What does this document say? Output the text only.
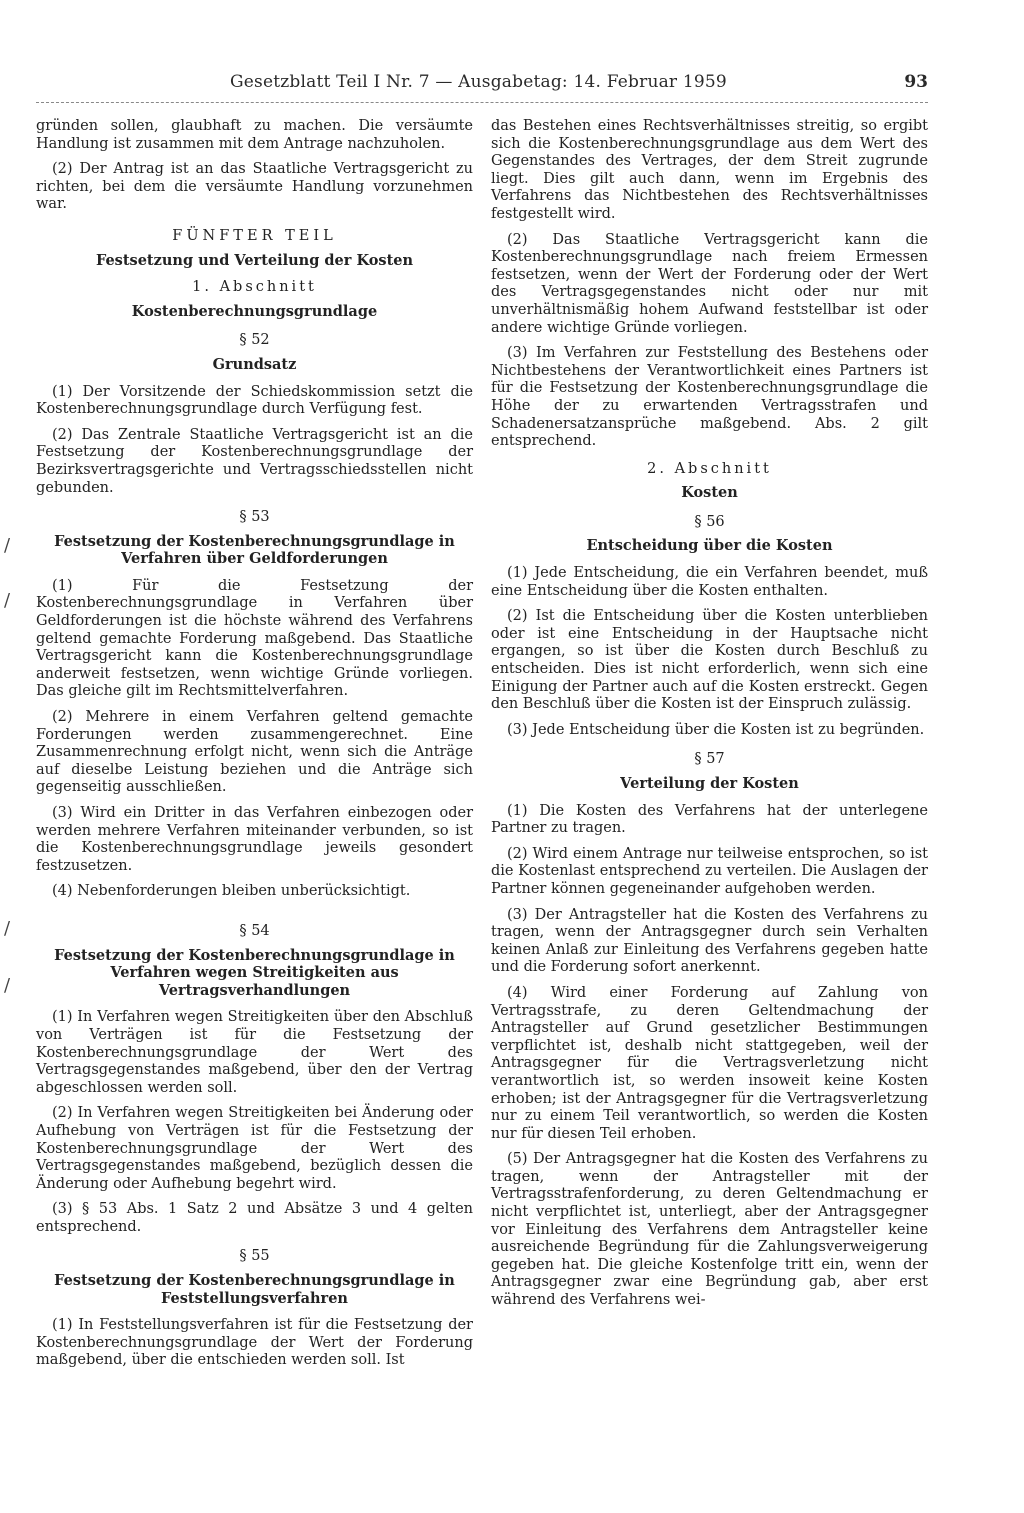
Gesetzblatt Teil I Nr. 7 — Ausgabetag: 14. Februar 1959	93
/
/
/
/

gründen sollen, glaubhaft zu machen. Die versäumte Handlung ist zusammen mit dem Antrage nachzuholen.

(2) Der Antrag ist an das Staatliche Vertragsgericht zu richten, bei dem die versäumte Handlung vorzunehmen war.

FÜNFTER TEIL
Festsetzung und Verteilung der Kosten
1. Abschnitt
Kostenberechnungsgrundlage
§ 52
Grundsatz

(1) Der Vorsitzende der Schiedskommission setzt die Kostenberechnungsgrundlage durch Verfügung fest.

(2) Das Zentrale Staatliche Vertragsgericht ist an die Festsetzung der Kostenberechnungsgrundlage der Bezirksvertragsgerichte und Vertragsschiedsstellen nicht gebunden.

§ 53
Festsetzung der Kostenberechnungsgrundlage in Verfahren über Geldforderungen

(1) Für die Festsetzung der Kostenberechnungsgrundlage in Verfahren über Geldforderungen ist die höchste während des Verfahrens geltend gemachte Forderung maßgebend. Das Staatliche Vertragsgericht kann die Kostenberechnungsgrundlage anderweit festsetzen, wenn wichtige Gründe vorliegen. Das gleiche gilt im Rechtsmittelverfahren.

(2) Mehrere in einem Verfahren geltend gemachte Forderungen werden zusammengerechnet. Eine Zusammenrechnung erfolgt nicht, wenn sich die Anträge auf dieselbe Leistung beziehen und die Anträge sich gegenseitig ausschließen.

(3) Wird ein Dritter in das Verfahren einbezogen oder werden mehrere Verfahren miteinander verbunden, so ist die Kostenberechnungsgrundlage jeweils gesondert festzusetzen.

(4) Nebenforderungen bleiben unberücksichtigt.

§ 54
Festsetzung der Kostenberechnungsgrundlage in Verfahren wegen Streitigkeiten aus Vertragsverhandlungen

(1) In Verfahren wegen Streitigkeiten über den Abschluß von Verträgen ist für die Festsetzung der Kostenberechnungsgrundlage der Wert des Vertragsgegenstandes maßgebend, über den der Vertrag abgeschlossen werden soll.

(2) In Verfahren wegen Streitigkeiten bei Änderung oder Aufhebung von Verträgen ist für die Festsetzung der Kostenberechnungsgrundlage der Wert des Vertragsgegenstandes maßgebend, bezüglich dessen die Änderung oder Aufhebung begehrt wird.

(3) § 53 Abs. 1 Satz 2 und Absätze 3 und 4 gelten entsprechend.

§ 55
Festsetzung der Kostenberechnungsgrundlage in Feststellungsverfahren

(1) In Feststellungsverfahren ist für die Festsetzung der Kostenberechnungsgrundlage der Wert der Forderung maßgebend, über die entschieden werden soll. Ist

das Bestehen eines Rechtsverhältnisses streitig, so ergibt sich die Kostenberechnungsgrundlage aus dem Wert des Gegenstandes des Vertrages, der dem Streit zugrunde liegt. Dies gilt auch dann, wenn im Ergebnis des Verfahrens das Nichtbestehen des Rechtsverhältnisses festgestellt wird.

(2) Das Staatliche Vertragsgericht kann die Kostenberechnungsgrundlage nach freiem Ermessen festsetzen, wenn der Wert der Forderung oder der Wert des Vertragsgegenstandes nicht oder nur mit unverhältnismäßig hohem Aufwand feststellbar ist oder andere wichtige Gründe vorliegen.

(3) Im Verfahren zur Feststellung des Bestehens oder Nichtbestehens der Verantwortlichkeit eines Partners ist für die Festsetzung der Kostenberechnungsgrundlage die Höhe der zu erwartenden Vertragsstrafen und Schadenersatzansprüche maßgebend. Abs. 2 gilt entsprechend.

2. Abschnitt
Kosten
§ 56
Entscheidung über die Kosten

(1) Jede Entscheidung, die ein Verfahren beendet, muß eine Entscheidung über die Kosten enthalten.

(2) Ist die Entscheidung über die Kosten unterblieben oder ist eine Entscheidung in der Hauptsache nicht ergangen, so ist über die Kosten durch Beschluß zu entscheiden. Dies ist nicht erforderlich, wenn sich eine Einigung der Partner auch auf die Kosten erstreckt. Gegen den Beschluß über die Kosten ist der Einspruch zulässig.

(3) Jede Entscheidung über die Kosten ist zu begründen.

§ 57
Verteilung der Kosten

(1) Die Kosten des Verfahrens hat der unterlegene Partner zu tragen.

(2) Wird einem Antrage nur teilweise entsprochen, so ist die Kostenlast entsprechend zu verteilen. Die Auslagen der Partner können gegeneinander aufgehoben werden.

(3) Der Antragsteller hat die Kosten des Verfahrens zu tragen, wenn der Antragsgegner durch sein Verhalten keinen Anlaß zur Einleitung des Verfahrens gegeben hatte und die Forderung sofort anerkennt.

(4) Wird einer Forderung auf Zahlung von Vertragsstrafe, zu deren Geltendmachung der Antragsteller auf Grund gesetzlicher Bestimmungen verpflichtet ist, deshalb nicht stattgegeben, weil der Antragsgegner für die Vertragsverletzung nicht verantwortlich ist, so werden insoweit keine Kosten erhoben; ist der Antragsgegner für die Vertragsverletzung nur zu einem Teil verantwortlich, so werden die Kosten nur für diesen Teil erhoben.

(5) Der Antragsgegner hat die Kosten des Verfahrens zu tragen, wenn der Antragsteller mit der Vertragsstrafenforderung, zu deren Geltendmachung er nicht verpflichtet ist, unterliegt, aber der Antragsgegner vor Einleitung des Verfahrens dem Antragsteller keine ausreichende Begründung für die Zahlungsverweigerung gegeben hat. Die gleiche Kostenfolge tritt ein, wenn der Antragsgegner zwar eine Begründung gab, aber erst während des Verfahrens wei-
